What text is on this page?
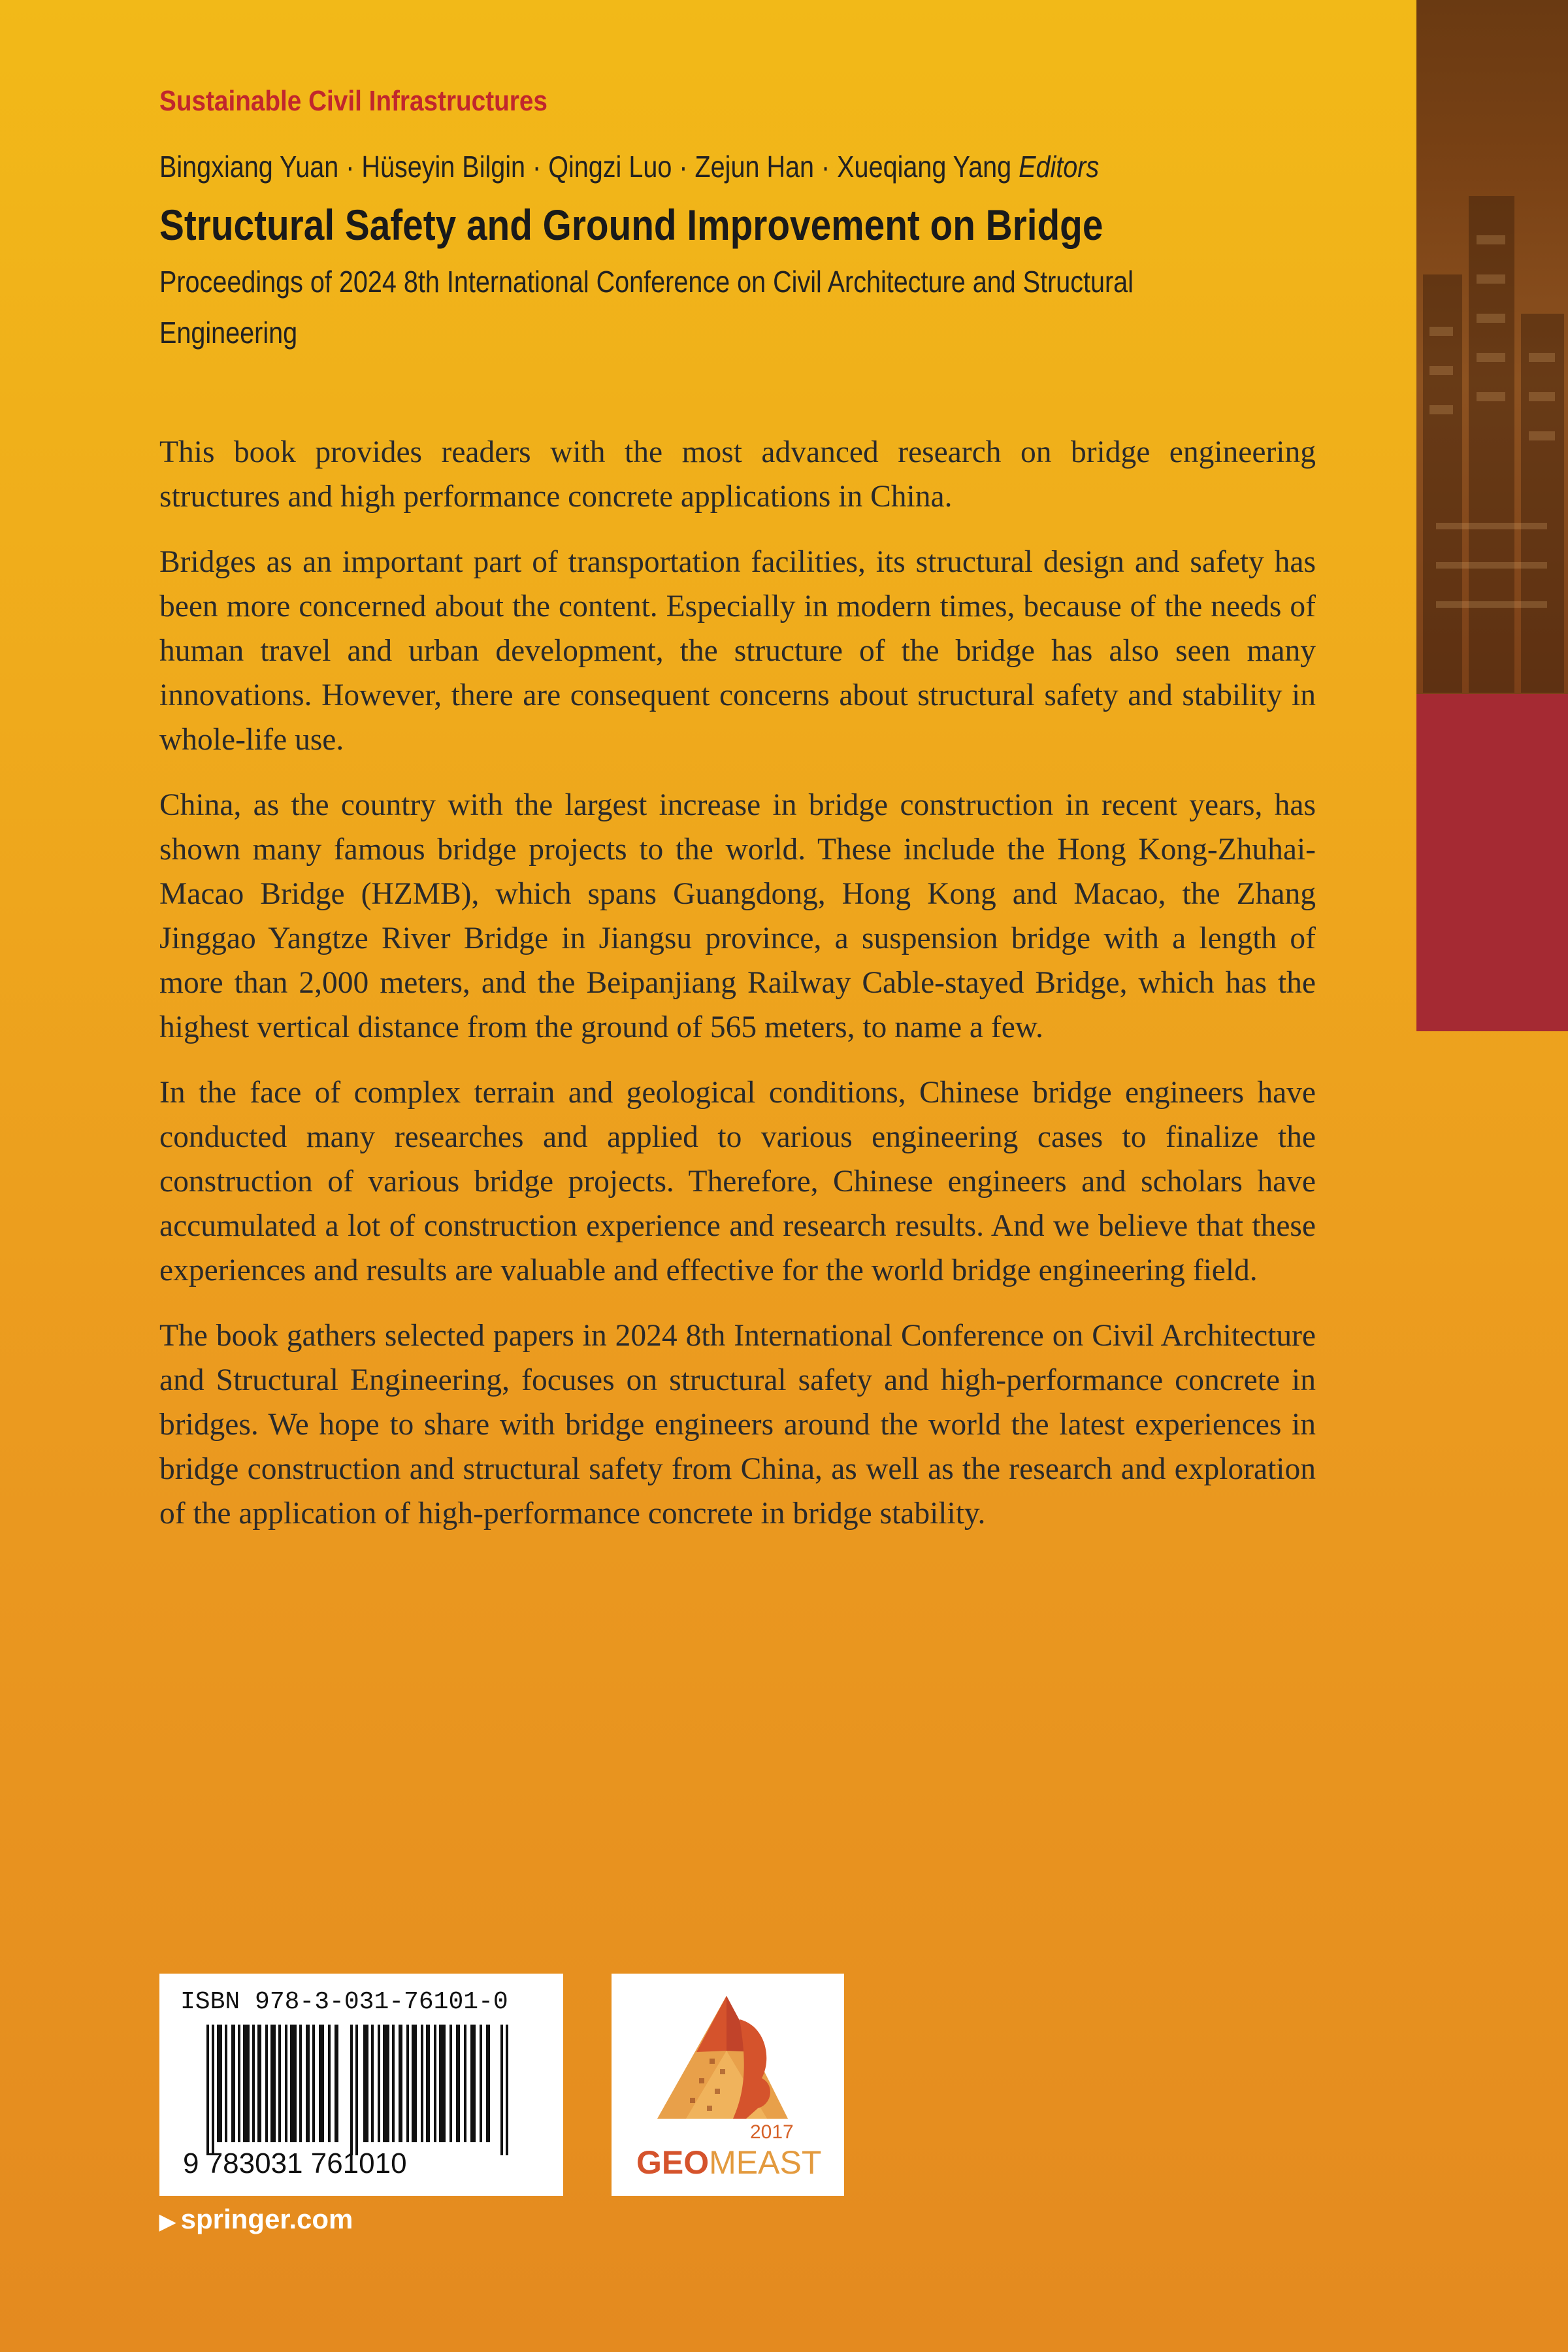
Sustainable Civil Infrastructures
Bingxiang Yuan · Hüseyin Bilgin · Qingzi Luo · Zejun Han · Xueqiang Yang Editors
Structural Safety and Ground Improvement on Bridge
Proceedings of 2024 8th International Conference on Civil Architecture and Structural Engineering

This book provides readers with the most advanced research on bridge engineering structures and high performance concrete applications in China.

Bridges as an important part of transportation facilities, its structural design and safety has been more concerned about the content. Especially in modern times, because of the needs of human travel and urban development, the structure of the bridge has also seen many innovations. However, there are consequent concerns about structural safety and stability in whole-life use.

China, as the country with the largest increase in bridge construction in recent years, has shown many famous bridge projects to the world. These include the Hong Kong-Zhuhai-Macao Bridge (HZMB), which spans Guangdong, Hong Kong and Macao, the Zhang Jinggao Yangtze River Bridge in Jiangsu province, a suspension bridge with a length of more than 2,000 meters, and the Beipanjiang Railway Cable-stayed Bridge, which has the highest vertical distance from the ground of 565 meters, to name a few.

In the face of complex terrain and geological conditions, Chinese bridge engineers have conducted many researches and applied to various engineering cases to finalize the construction of various bridge projects. Therefore, Chinese engineers and scholars have accumulated a lot of construction experience and research results. And we believe that these experiences and results are valuable and effective for the world bridge engineering field.

The book gathers selected papers in 2024 8th International Conference on Civil Architecture and Structural Engineering, focuses on structural safety and high-performance concrete in bridges. We hope to share with bridge engineers around the world the latest experiences in bridge construction and structural safety from China, as well as the research and exploration of the application of high-performance concrete in bridge stability.

ISBN 978-3-031-76101-0
9 783031 761010
2017
GEOMEAST
▶ springer.com
